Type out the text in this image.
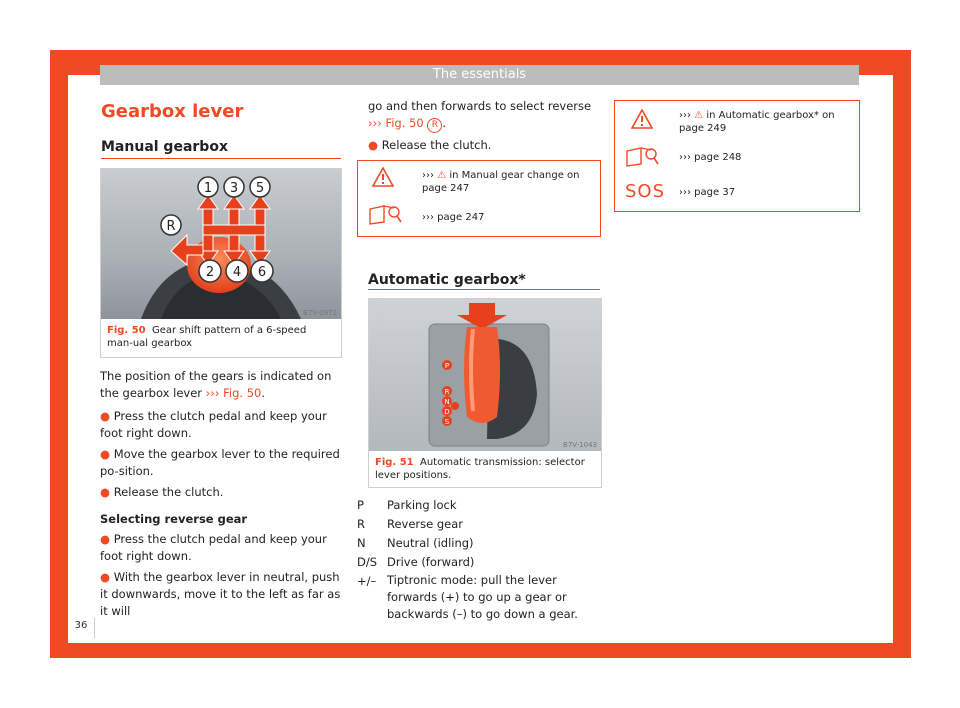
The essentials
Gearbox lever
Manual gearbox
1 3 5
R
2 4 6
B7V-0971
Fig. 50 Gear shift pattern of a 6-speed man-ual gearbox

The position of the gears is indicated on the gearbox lever ››› Fig. 50.

● Press the clutch pedal and keep your foot right down.

● Move the gearbox lever to the required po-sition.

● Release the clutch.

Selecting reverse gear

● Press the clutch pedal and keep your foot right down.

● With the gearbox lever in neutral, push it downwards, move it to the left as far as it will

go and then forwards to select reverse
››› Fig. 50 R .

● Release the clutch.

››› ⚠ in Manual gear change on page 247
››› page 247
Automatic gearbox*
P
R
N
D
S
B7V-1043
Fig. 51 Automatic transmission: selector lever positions.
P Parking lock
R Reverse gear
N Neutral (idling)
D/S Drive (forward)
+/– Tiptronic mode: pull the lever forwards (+) to go up a gear or backwards (–) to go down a gear.
››› ⚠ in Automatic gearbox* on page 249
››› page 248
SOS ››› page 37
36
